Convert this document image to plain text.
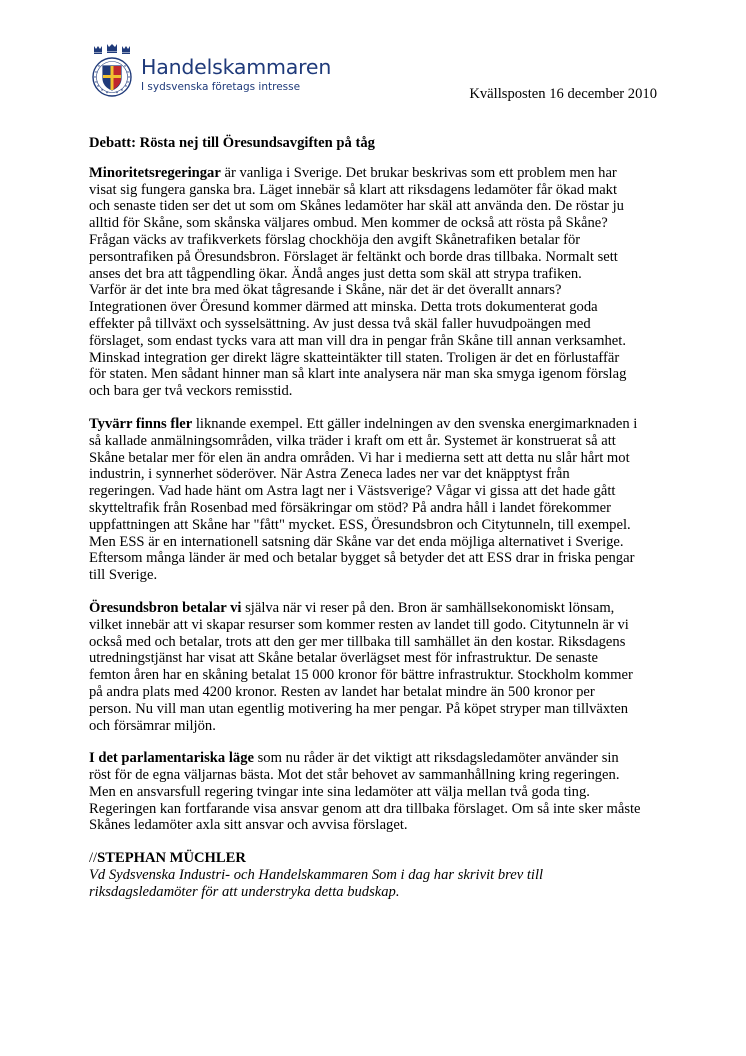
Handelskammaren
I sydsvenska företags intresse	Kvällsposten 16 december 2010
Debatt: Rösta nej till Öresundsavgiften på tåg
Minoritetsregeringar är vanliga i Sverige. Det brukar beskrivas som ett problem men har
visat sig fungera ganska bra. Läget innebär så klart att riksdagens ledamöter får ökad makt
och senaste tiden ser det ut som om Skånes ledamöter har skäl att använda den. De röstar ju
alltid för Skåne, som skånska väljares ombud. Men kommer de också att rösta på Skåne?
Frågan väcks av trafikverkets förslag chockhöja den avgift Skånetrafiken betalar för
persontrafiken på Öresundsbron. Förslaget är feltänkt och borde dras tillbaka. Normalt sett
anses det bra att tågpendling ökar. Ändå anges just detta som skäl att strypa trafiken.
Varför är det inte bra med ökat tågresande i Skåne, när det är det överallt annars?
Integrationen över Öresund kommer därmed att minska. Detta trots dokumenterat goda
effekter på tillväxt och sysselsättning. Av just dessa två skäl faller huvudpoängen med
förslaget, som endast tycks vara att man vill dra in pengar från Skåne till annan verksamhet.
Minskad integration ger direkt lägre skatteintäkter till staten. Troligen är det en förlustaffär
för staten. Men sådant hinner man så klart inte analysera när man ska smyga igenom förslag
och bara ger två veckors remisstid.
Tyvärr finns fler liknande exempel. Ett gäller indelningen av den svenska energimarknaden i
så kallade anmälningsområden, vilka träder i kraft om ett år. Systemet är konstruerat så att
Skåne betalar mer för elen än andra områden. Vi har i medierna sett att detta nu slår hårt mot
industrin, i synnerhet söderöver. När Astra Zeneca lades ner var det knäpptyst från
regeringen. Vad hade hänt om Astra lagt ner i Västsverige? Vågar vi gissa att det hade gått
skytteltrafik från Rosenbad med försäkringar om stöd? På andra håll i landet förekommer
uppfattningen att Skåne har "fått" mycket. ESS, Öresundsbron och Citytunneln, till exempel.
Men ESS är en internationell satsning där Skåne var det enda möjliga alternativet i Sverige.
Eftersom många länder är med och betalar bygget så betyder det att ESS drar in friska pengar
till Sverige.
Öresundsbron betalar vi själva när vi reser på den. Bron är samhällsekonomiskt lönsam,
vilket innebär att vi skapar resurser som kommer resten av landet till godo. Citytunneln är vi
också med och betalar, trots att den ger mer tillbaka till samhället än den kostar. Riksdagens
utredningstjänst har visat att Skåne betalar överlägset mest för infrastruktur. De senaste
femton åren har en skåning betalat 15 000 kronor för bättre infrastruktur. Stockholm kommer
på andra plats med 4200 kronor. Resten av landet har betalat mindre än 500 kronor per
person. Nu vill man utan egentlig motivering ha mer pengar. På köpet stryper man tillväxten
och försämrar miljön.
I det parlamentariska läge som nu råder är det viktigt att riksdagsledamöter använder sin
röst för de egna väljarnas bästa. Mot det står behovet av sammanhållning kring regeringen.
Men en ansvarsfull regering tvingar inte sina ledamöter att välja mellan två goda ting.
Regeringen kan fortfarande visa ansvar genom att dra tillbaka förslaget. Om så inte sker måste
Skånes ledamöter axla sitt ansvar och avvisa förslaget.
//STEPHAN MÜCHLER
Vd Sydsvenska Industri- och Handelskammaren Som i dag har skrivit brev till
riksdagsledamöter för att understryka detta budskap.
